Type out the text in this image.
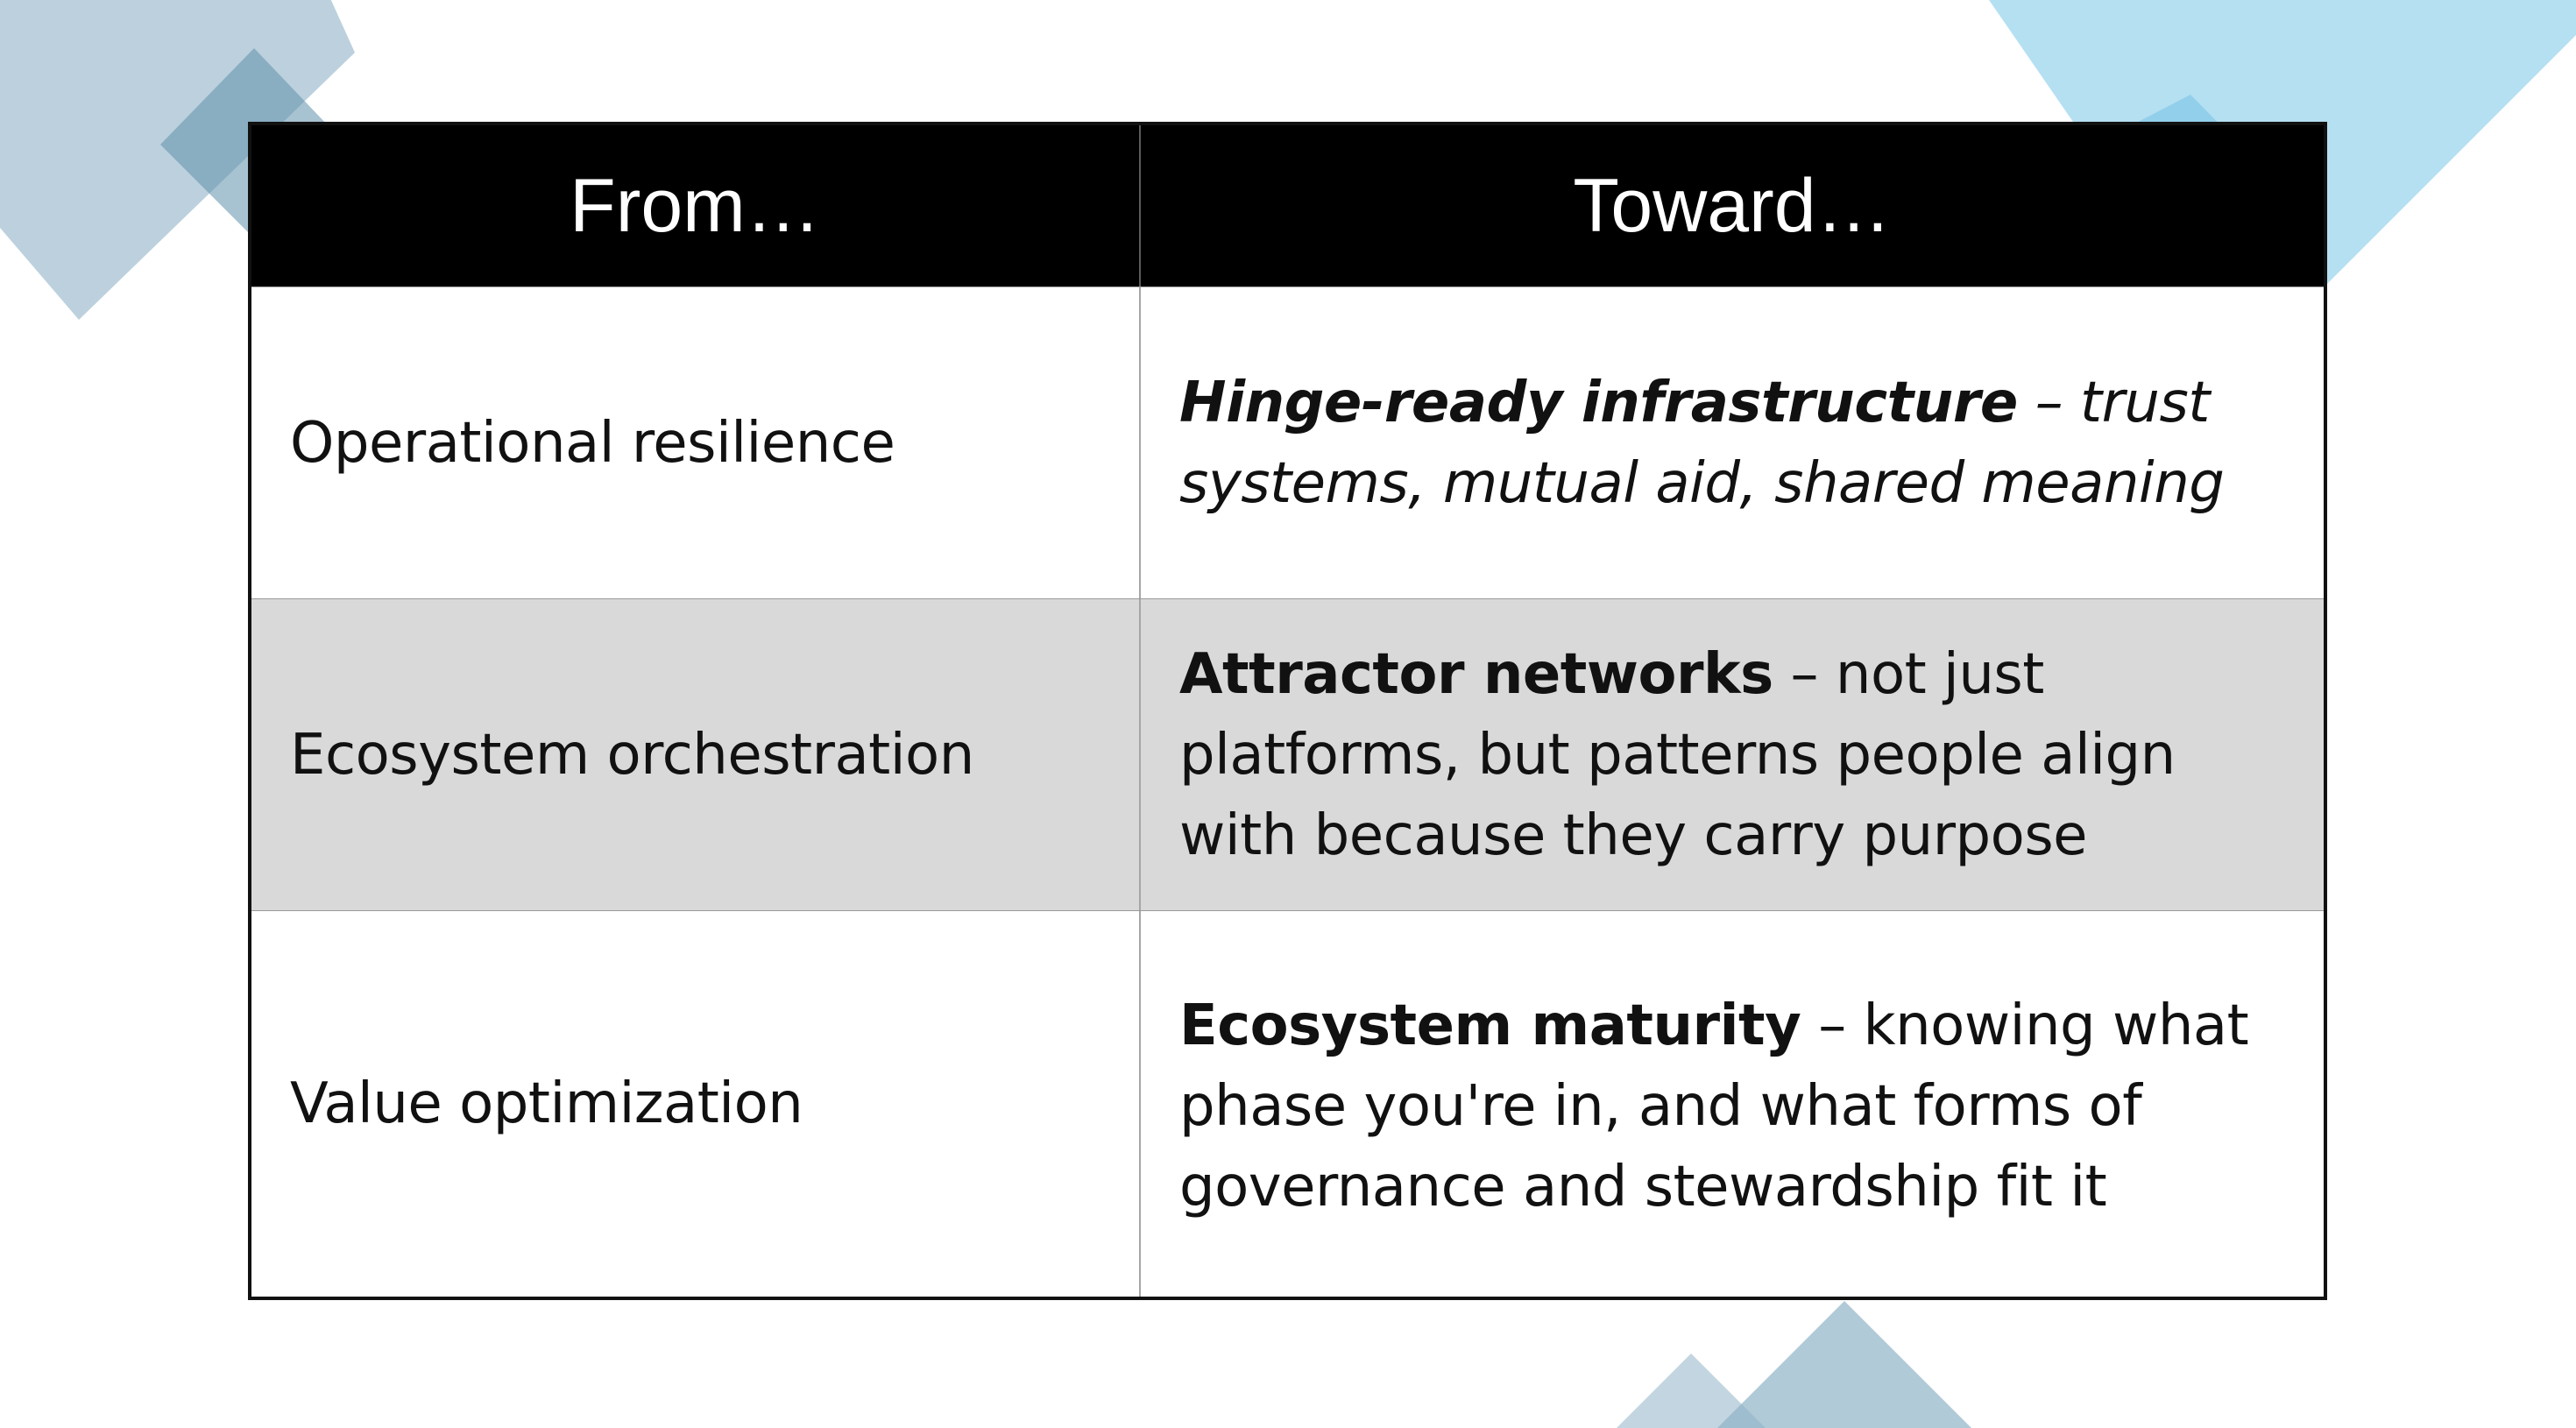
From…	Toward…
Operational resilience
Hinge-ready infrastructure – trust systems, mutual aid, shared meaning
Ecosystem orchestration
Attractor networks – not just platforms, but patterns people align with because they carry purpose
Value optimization
Ecosystem maturity – knowing what phase you're in, and what forms of governance and stewardship fit it
